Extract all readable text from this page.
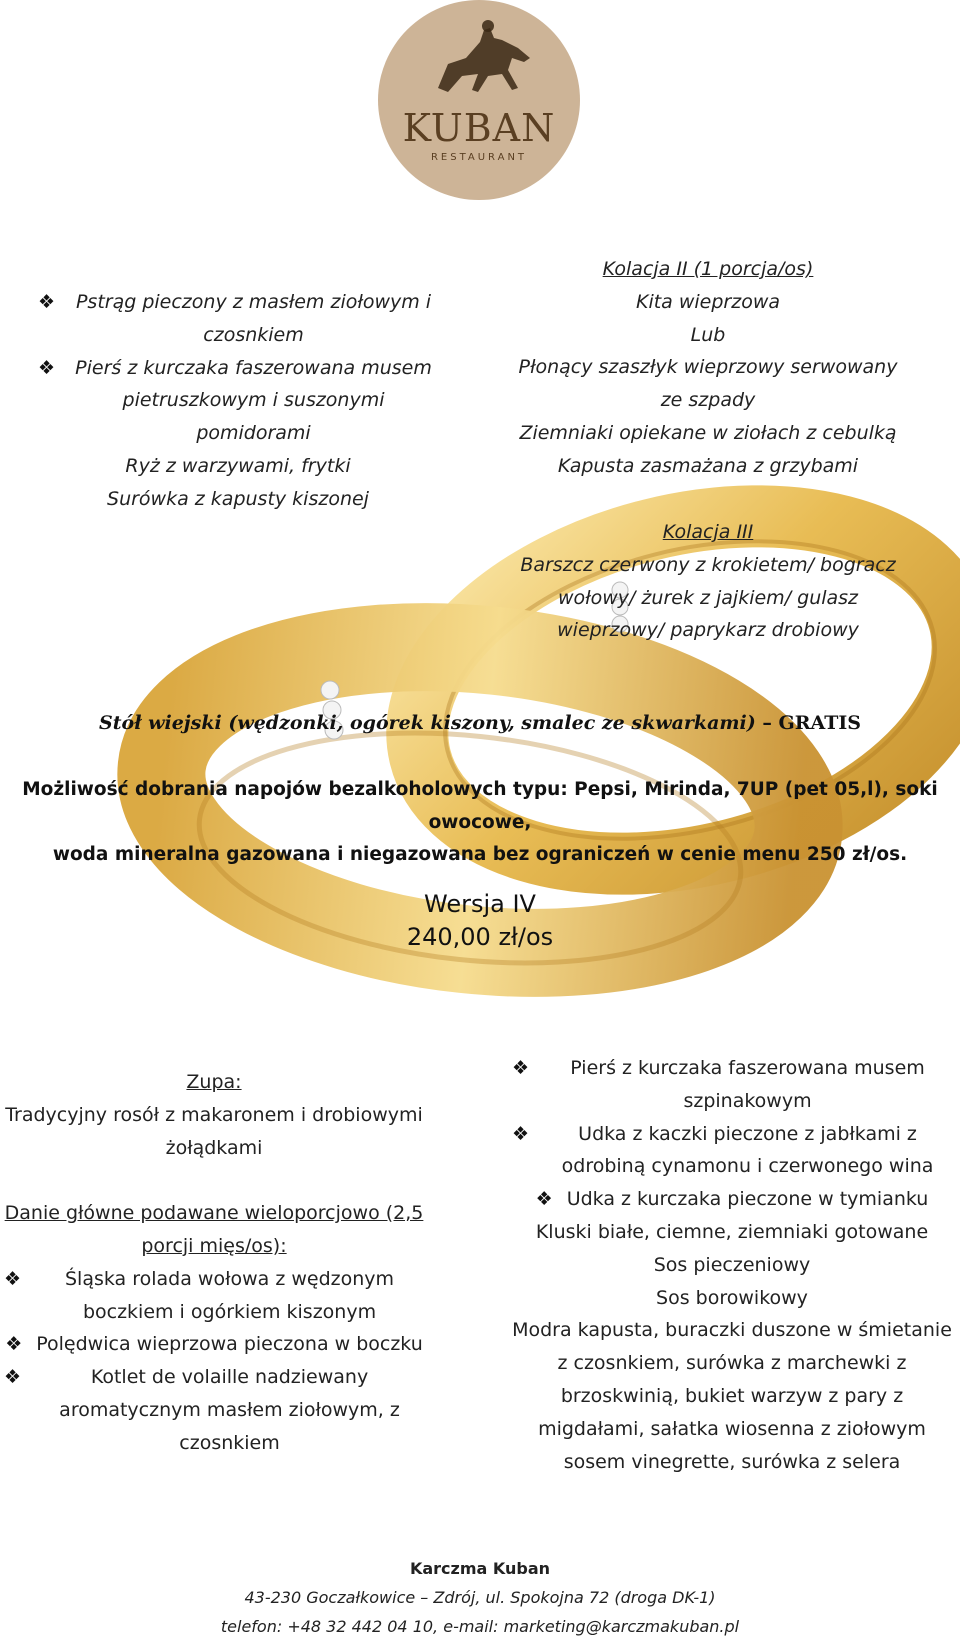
KUBAN
RESTAURANT
❖	Pstrąg pieczony z masłem ziołowym i czosnkiem
❖	Pierś z kurczaka faszerowana musem pietruszkowym i suszonymi pomidorami

Ryż z warzywami, frytki

Surówka z kapusty kiszonej

Kolacja II (1 porcja/os)

Kita wieprzowa

Lub

Płonący szaszłyk wieprzowy serwowany ze szpady

Ziemniaki opiekane w ziołach z cebulką

Kapusta zasmażana z grzybami

Kolacja III

Barszcz czerwony z krokietem/ bogracz wołowy/ żurek z jajkiem/ gulasz wieprzowy/ paprykarz drobiowy

Stół wiejski (wędzonki, ogórek kiszony, smalec ze skwarkami) – GRATIS
Możliwość dobrania napojów bezalkoholowych typu: Pepsi, Mirinda, 7UP (pet 05,l), soki owocowe,
woda mineralna gazowana i niegazowana bez ograniczeń w cenie menu 250 zł/os.
Wersja IV
240,00 zł/os

Zupa:

Tradycyjny rosół z makaronem i drobiowymi żołądkami

Danie główne podawane wieloporcjowo (2,5 porcji mięs/os):

❖	Śląska rolada wołowa z wędzonym boczkiem i ogórkiem kiszonym
❖ Polędwica wieprzowa pieczona w boczku
❖	Kotlet de volaille nadziewany aromatycznym masłem ziołowym, z czosnkiem
❖	Pierś z kurczaka faszerowana musem szpinakowym
❖	Udka z kaczki pieczone z jabłkami z odrobiną cynamonu i czerwonego wina
❖ Udka z kurczaka pieczone w tymianku

Kluski białe, ciemne, ziemniaki gotowane

Sos pieczeniowy

Sos borowikowy

Modra kapusta, buraczki duszone w śmietanie z czosnkiem, surówka z marchewki z brzoskwinią, bukiet warzyw z pary z migdałami, sałatka wiosenna z ziołowym sosem vinegrette, surówka z selera

Karczma Kuban
43-230 Goczałkowice – Zdrój, ul. Spokojna 72 (droga DK-1)
telefon: +48 32 442 04 10, e-mail: marketing@karczmakuban.pl
